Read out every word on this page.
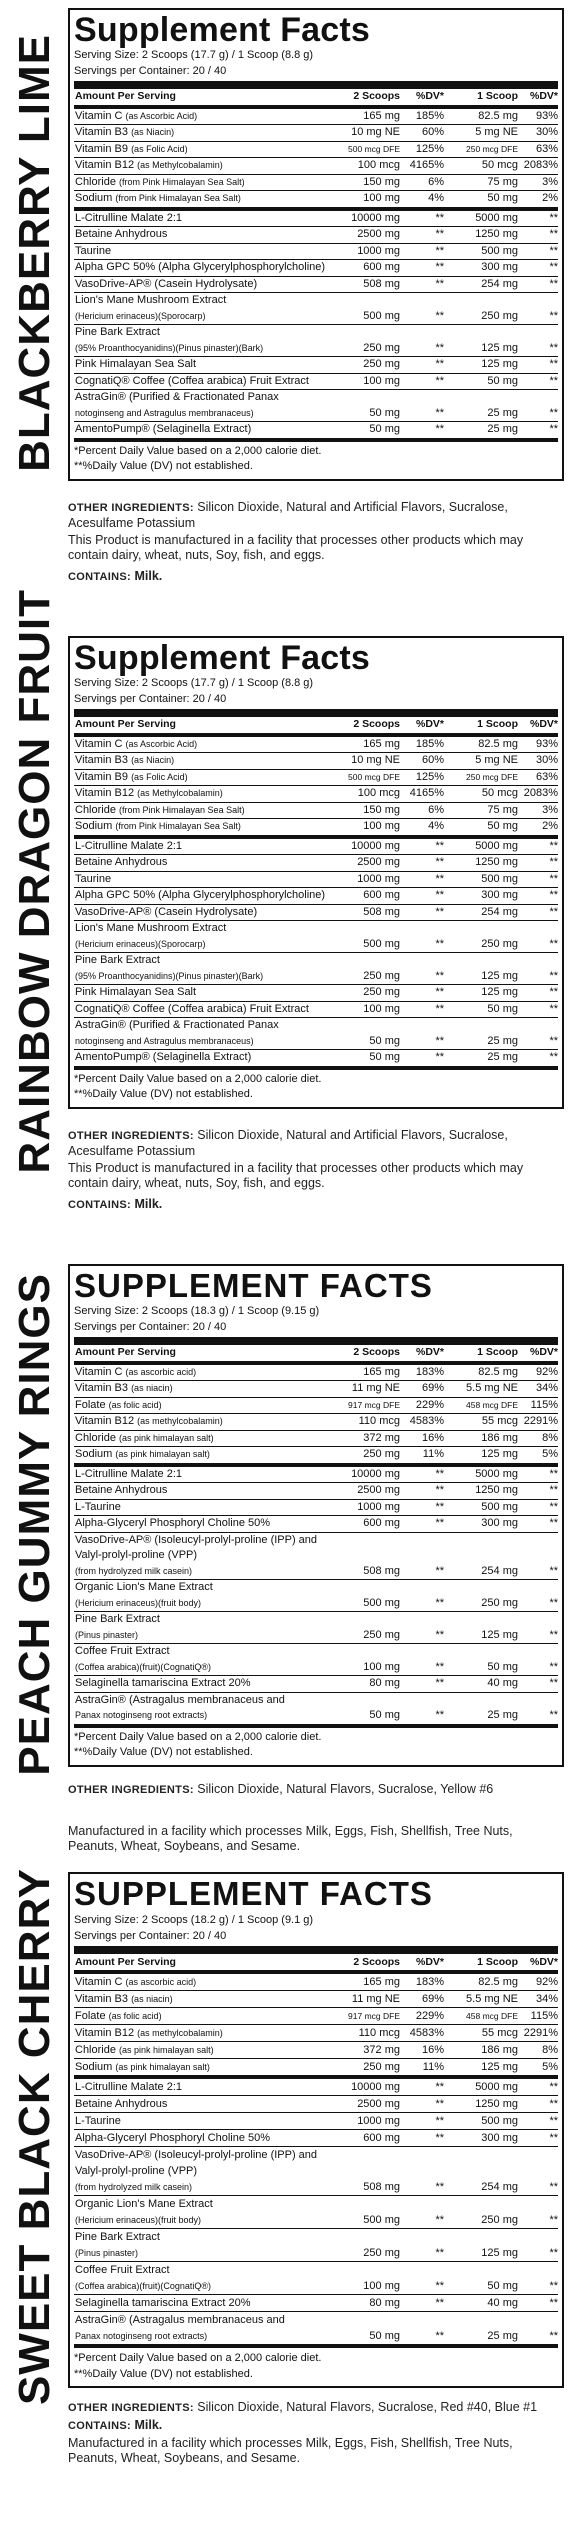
BLACKBERRY LIME
Supplement Facts
Serving Size: 2 Scoops (17.7 g) / 1 Scoop (8.8 g)
Servings per Container: 20 / 40
Amount Per Serving	2 Scoops	%DV*	1 Scoop	%DV*
Vitamin C (as Ascorbic Acid)	165 mg	185%	82.5 mg	93%
Vitamin B3 (as Niacin)	10 mg NE	60%	5 mg NE	30%
Vitamin B9 (as Folic Acid)	500 mcg DFE	125%	250 mcg DFE	63%
Vitamin B12 (as Methylcobalamin)	100 mcg 4165%	50 mcg 2083%
Chloride (from Pink Himalayan Sea Salt)	150 mg	6%	75 mg	3%
Sodium (from Pink Himalayan Sea Salt)	100 mg	4%	50 mg	2%
L-Citrulline Malate 2:1	10000 mg	**	5000 mg	**
Betaine Anhydrous	2500 mg	**	1250 mg	**
Taurine	1000 mg	**	500 mg	**
Alpha GPC 50% (Alpha Glycerylphosphorylcholine)	600 mg	**	300 mg	**
VasoDrive-AP® (Casein Hydrolysate)	508 mg	**	254 mg	**
Lion's Mane Mushroom Extract
(Hericium erinaceus)(Sporocarp)	500 mg	**	250 mg	**
Pine Bark Extract
(95% Proanthocyanidins)(Pinus pinaster)(Bark)	250 mg	**	125 mg	**
Pink Himalayan Sea Salt	250 mg	**	125 mg	**
CognatiQ® Coffee (Coffea arabica) Fruit Extract	100 mg	**	50 mg	**
AstraGin® (Purified & Fractionated Panax
notoginseng and Astragulus membranaceus)	50 mg	**	25 mg	**
AmentoPump® (Selaginella Extract)	50 mg	**	25 mg	**
*Percent Daily Value based on a 2,000 calorie diet.
**%Daily Value (DV) not established.

OTHER INGREDIENTS: Silicon Dioxide, Natural and Artificial Flavors, Sucralose, Acesulfame Potassium

This Product is manufactured in a facility that processes other products which may contain dairy, wheat, nuts, Soy, fish, and eggs.

CONTAINS: Milk.

RAINBOW DRAGON FRUIT Supplement Facts
Serving Size: 2 Scoops (17.7 g) / 1 Scoop (8.8 g)
Servings per Container: 20 / 40
Amount Per Serving	2 Scoops	%DV*	1 Scoop	%DV*
Vitamin C (as Ascorbic Acid)	165 mg	185%	82.5 mg	93%
Vitamin B3 (as Niacin)	10 mg NE	60%	5 mg NE	30%
Vitamin B9 (as Folic Acid)	500 mcg DFE	125%	250 mcg DFE	63%
Vitamin B12 (as Methylcobalamin)	100 mcg 4165%	50 mcg 2083%
Chloride (from Pink Himalayan Sea Salt)	150 mg	6%	75 mg	3%
Sodium (from Pink Himalayan Sea Salt)	100 mg	4%	50 mg	2%
L-Citrulline Malate 2:1	10000 mg	**	5000 mg	**
Betaine Anhydrous	2500 mg	**	1250 mg	**
Taurine	1000 mg	**	500 mg	**
Alpha GPC 50% (Alpha Glycerylphosphorylcholine)	600 mg	**	300 mg	**
VasoDrive-AP® (Casein Hydrolysate)	508 mg	**	254 mg	**
Lion's Mane Mushroom Extract
(Hericium erinaceus)(Sporocarp)	500 mg	**	250 mg	**
Pine Bark Extract
(95% Proanthocyanidins)(Pinus pinaster)(Bark)	250 mg	**	125 mg	**
Pink Himalayan Sea Salt	250 mg	**	125 mg	**
CognatiQ® Coffee (Coffea arabica) Fruit Extract	100 mg	**	50 mg	**
AstraGin® (Purified & Fractionated Panax
notoginseng and Astragulus membranaceus)	50 mg	**	25 mg	**
AmentoPump® (Selaginella Extract)	50 mg	**	25 mg	**
*Percent Daily Value based on a 2,000 calorie diet.
**%Daily Value (DV) not established.

OTHER INGREDIENTS: Silicon Dioxide, Natural and Artificial Flavors, Sucralose, Acesulfame Potassium

This Product is manufactured in a facility that processes other products which may contain dairy, wheat, nuts, Soy, fish, and eggs.

CONTAINS: Milk.

PEACH GUMMY RINGS SUPPLEMENT FACTS
Serving Size: 2 Scoops (18.3 g) / 1 Scoop (9.15 g)
Servings per Container: 20 / 40
Amount Per Serving	2 Scoops	%DV*	1 Scoop	%DV*
Vitamin C (as ascorbic acid)	165 mg	183%	82.5 mg	92%
Vitamin B3 (as niacin)	11 mg NE	69%	5.5 mg NE	34%
Folate (as folic acid)	917 mcg DFE	229%	458 mcg DFE	115%
Vitamin B12 (as methylcobalamin)	110 mcg 4583%	55 mcg 2291%
Chloride (as pink himalayan salt)	372 mg	16%	186 mg	8%
Sodium (as pink himalayan salt)	250 mg	11%	125 mg	5%
L-Citrulline Malate 2:1	10000 mg	**	5000 mg	**
Betaine Anhydrous	2500 mg	**	1250 mg	**
L-Taurine	1000 mg	**	500 mg	**
Alpha-Glyceryl Phosphoryl Choline 50%	600 mg	**	300 mg	**
VasoDrive-AP® (Isoleucyl-prolyl-proline (IPP) and Valyl-prolyl-proline (VPP)
(from hydrolyzed milk casein)	508 mg	**	254 mg	**
Organic Lion's Mane Extract
(Hericium erinaceus)(fruit body)	500 mg	**	250 mg	**
Pine Bark Extract
(Pinus pinaster)	250 mg	**	125 mg	**
Coffee Fruit Extract
(Coffea arabica)(fruit)(CognatiQ®)	100 mg	**	50 mg	**
Selaginella tamariscina Extract 20%	80 mg	**	40 mg	**
AstraGin® (Astragalus membranaceus and
Panax notoginseng root extracts)	50 mg	**	25 mg	**
*Percent Daily Value based on a 2,000 calorie diet.
**%Daily Value (DV) not established.

OTHER INGREDIENTS: Silicon Dioxide, Natural Flavors, Sucralose, Yellow #6

Manufactured in a facility which processes Milk, Eggs, Fish, Shellfish, Tree Nuts, Peanuts, Wheat, Soybeans, and Sesame.

SWEET BLACK CHERRY SUPPLEMENT FACTS
Serving Size: 2 Scoops (18.2 g) / 1 Scoop (9.1 g)
Servings per Container: 20 / 40
Amount Per Serving	2 Scoops	%DV*	1 Scoop	%DV*
Vitamin C (as ascorbic acid)	165 mg	183%	82.5 mg	92%
Vitamin B3 (as niacin)	11 mg NE	69%	5.5 mg NE	34%
Folate (as folic acid)	917 mcg DFE	229%	458 mcg DFE	115%
Vitamin B12 (as methylcobalamin)	110 mcg 4583%	55 mcg 2291%
Chloride (as pink himalayan salt)	372 mg	16%	186 mg	8%
Sodium (as pink himalayan salt)	250 mg	11%	125 mg	5%
L-Citrulline Malate 2:1	10000 mg	**	5000 mg	**
Betaine Anhydrous	2500 mg	**	1250 mg	**
L-Taurine	1000 mg	**	500 mg	**
Alpha-Glyceryl Phosphoryl Choline 50%	600 mg	**	300 mg	**
VasoDrive-AP® (Isoleucyl-prolyl-proline (IPP) and Valyl-prolyl-proline (VPP)
(from hydrolyzed milk casein)	508 mg	**	254 mg	**
Organic Lion's Mane Extract
(Hericium erinaceus)(fruit body)	500 mg	**	250 mg	**
Pine Bark Extract
(Pinus pinaster)	250 mg	**	125 mg	**
Coffee Fruit Extract
(Coffea arabica)(fruit)(CognatiQ®)	100 mg	**	50 mg	**
Selaginella tamariscina Extract 20%	80 mg	**	40 mg	**
AstraGin® (Astragalus membranaceus and
Panax notoginseng root extracts)	50 mg	**	25 mg	**
*Percent Daily Value based on a 2,000 calorie diet.
**%Daily Value (DV) not established.

OTHER INGREDIENTS: Silicon Dioxide, Natural Flavors, Sucralose, Red #40, Blue #1

CONTAINS: Milk.

Manufactured in a facility which processes Milk, Eggs, Fish, Shellfish, Tree Nuts, Peanuts, Wheat, Soybeans, and Sesame.
